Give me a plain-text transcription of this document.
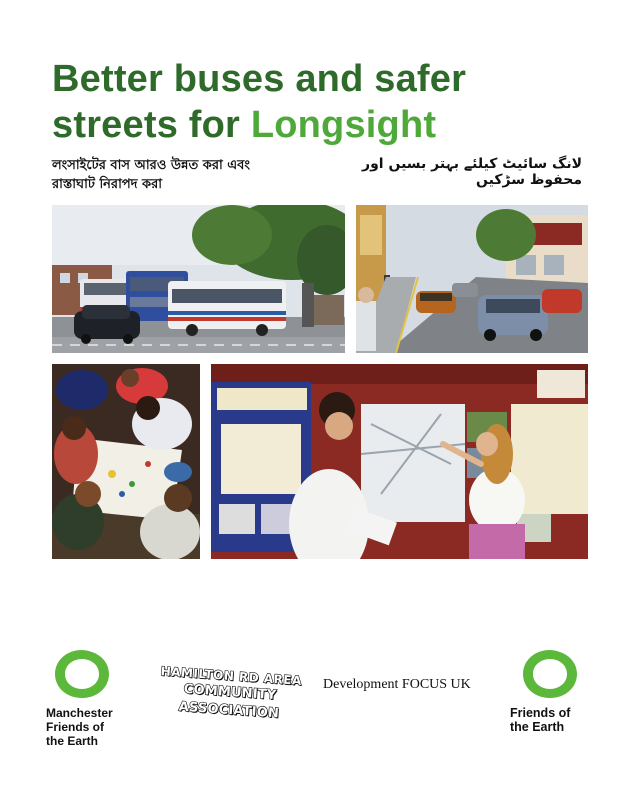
Better buses and safer
streets for Longsight
লংসাইটের বাস আরও উন্নত করা এবং
রাস্তাঘাট নিরাপদ করা
لانگ سائیٹ کیلئے بہتر بسیں اور محفوظ سڑکیں
Manchester
Friends of
the Earth
HAMILTON RD AREA
COMMUNITY ASSOCIATION
Development FOCUS UK
Friends of
the Earth
